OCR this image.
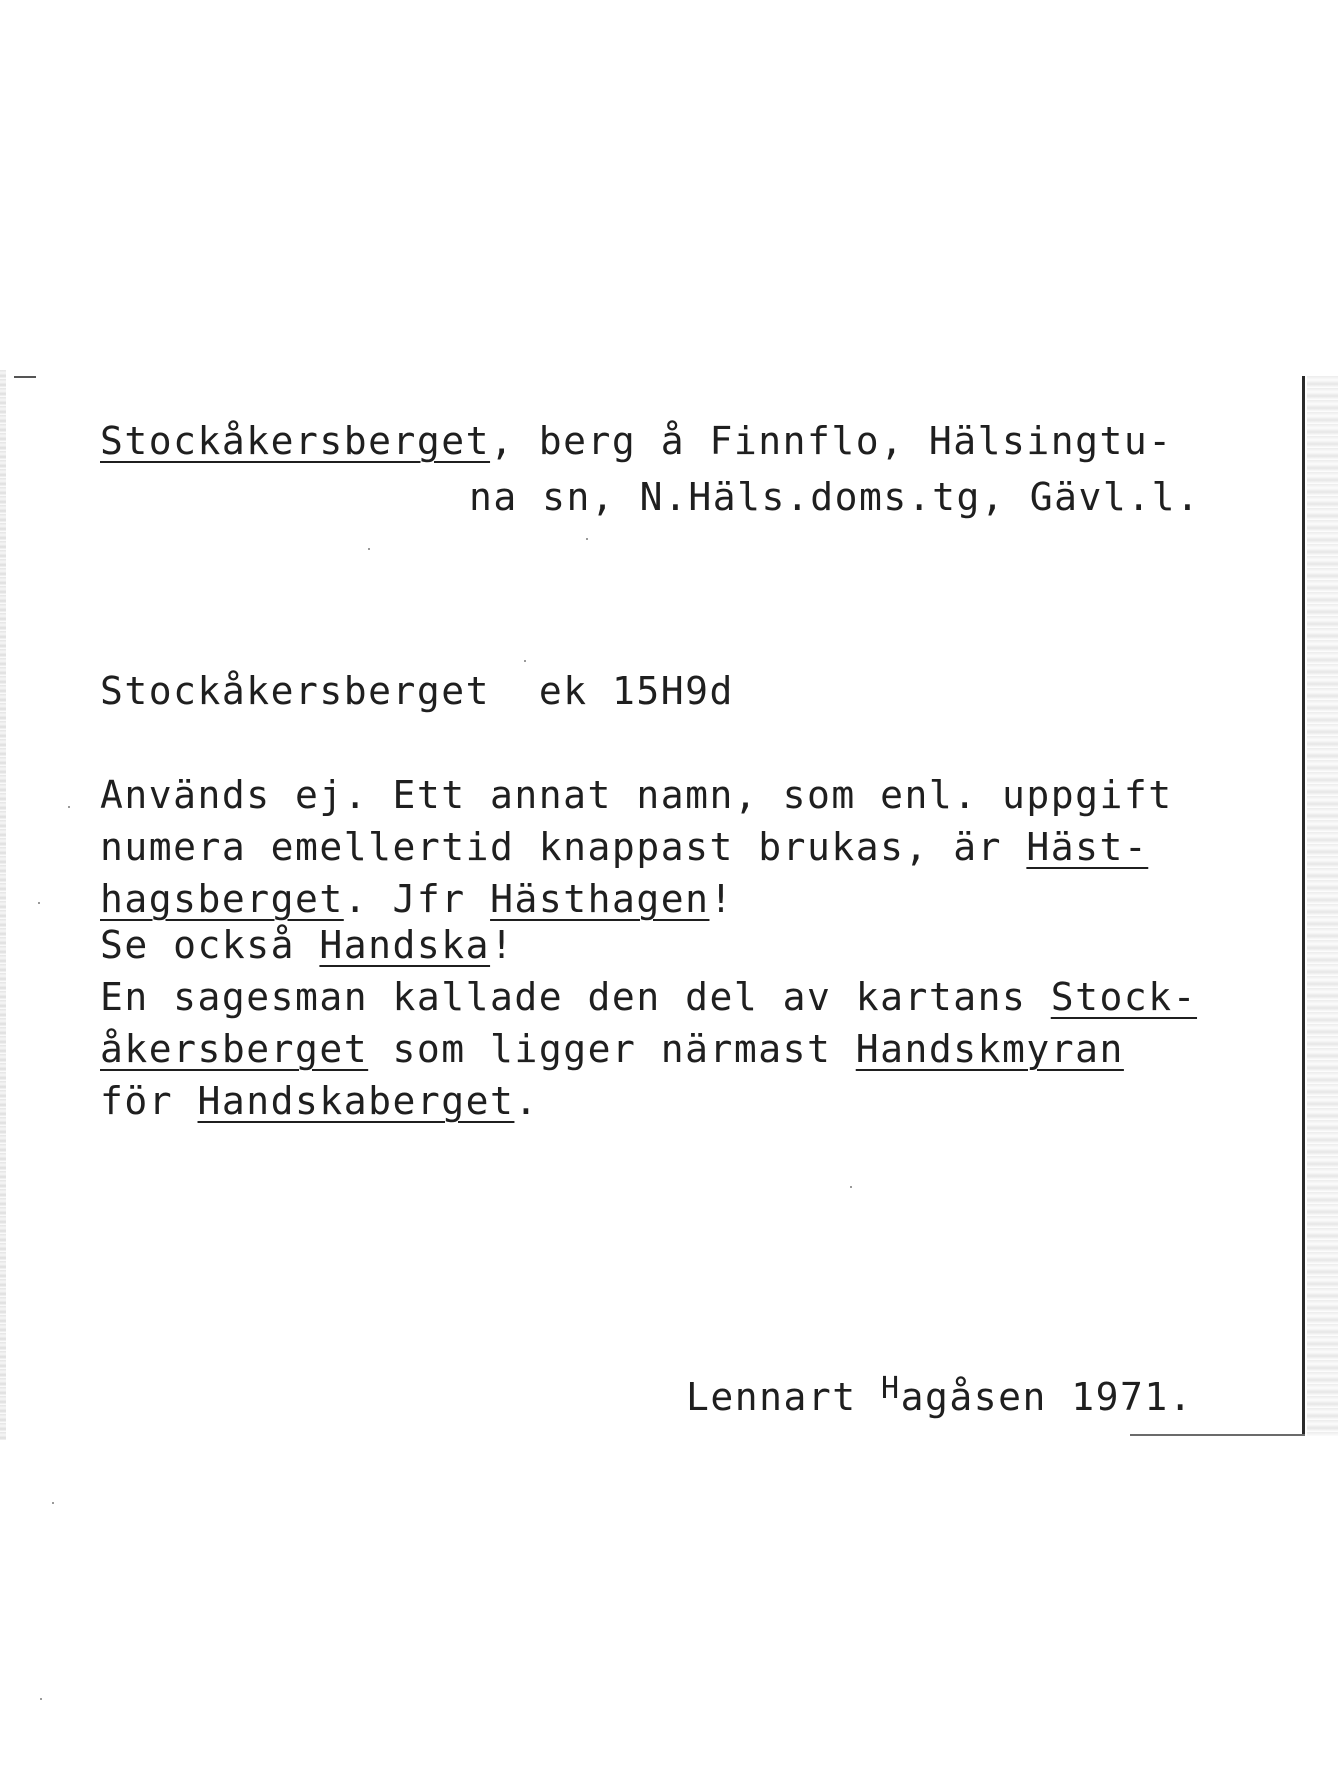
Stockåkersberget, berg å Finnflo, Hälsingtu-
na sn, N.Häls.doms.tg, Gävl.l.
Stockåkersberget ek 15H9d
Används ej. Ett annat namn, som enl. uppgift
numera emellertid knappast brukas, är Häst-
hagsberget. Jfr Hästhagen!
Se också Handska!
En sagesman kallade den del av kartans Stock-
åkersberget som ligger närmast Handskmyran
för Handskaberget.
Lennart $^H$agåsen 1971.
